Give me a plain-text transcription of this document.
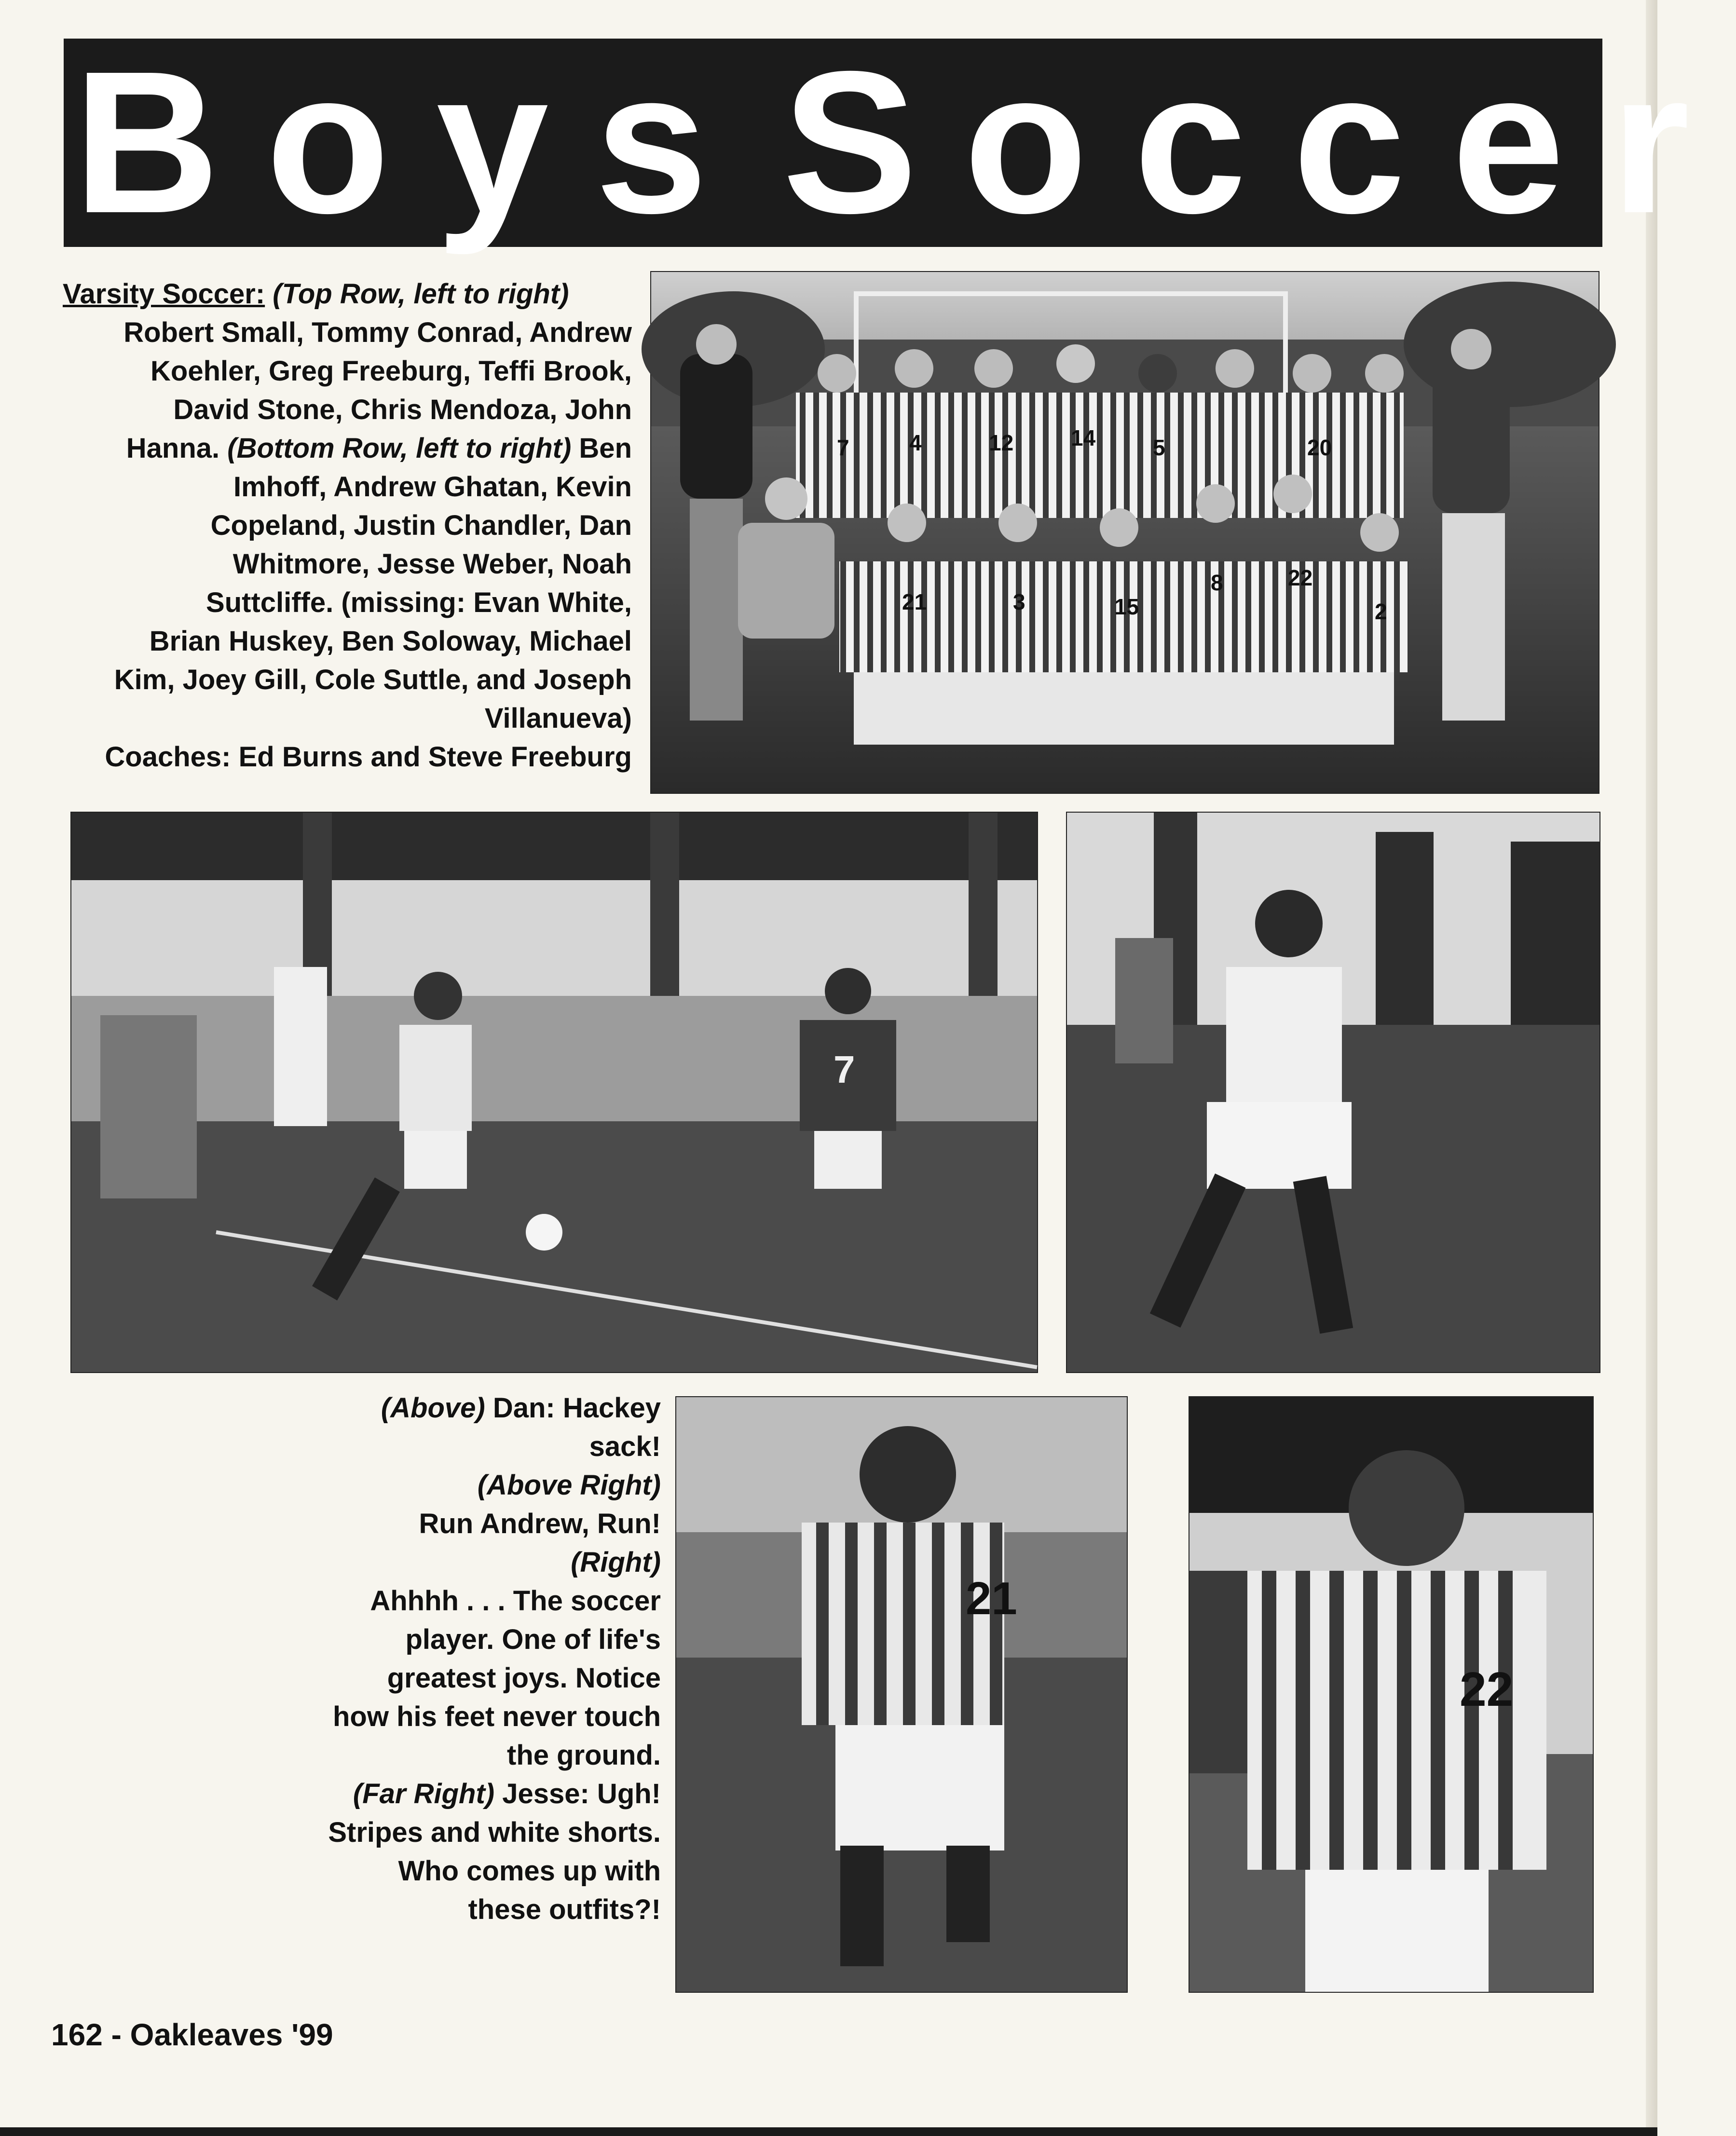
Boys Soccer
Varsity Soccer: (Top Row, left to right)
Robert Small, Tommy Conrad, Andrew
Koehler, Greg Freeburg, Teffi Brook,
David Stone, Chris Mendoza, John
Hanna. (Bottom Row, left to right) Ben
Imhoff, Andrew Ghatan, Kevin
Copeland, Justin Chandler, Dan
Whitmore, Jesse Weber, Noah
Suttcliffe. (missing: Evan White,
Brian Huskey, Ben Soloway, Michael
Kim, Joey Gill, Cole Suttle, and Joseph
Villanueva)
Coaches: Ed Burns and Steve Freeburg
7	4	12	14	5	20
21	3	15
8	22
2
7
(Above) Dan: Hackey
sack!
(Above Right)
Run Andrew, Run!
(Right)
Ahhhh . . . The soccer
player. One of life's
greatest joys. Notice
how his feet never touch
the ground.
(Far Right) Jesse: Ugh!
Stripes and white shorts.
Who comes up with
these outfits?!
21
22
162 - Oakleaves '99
